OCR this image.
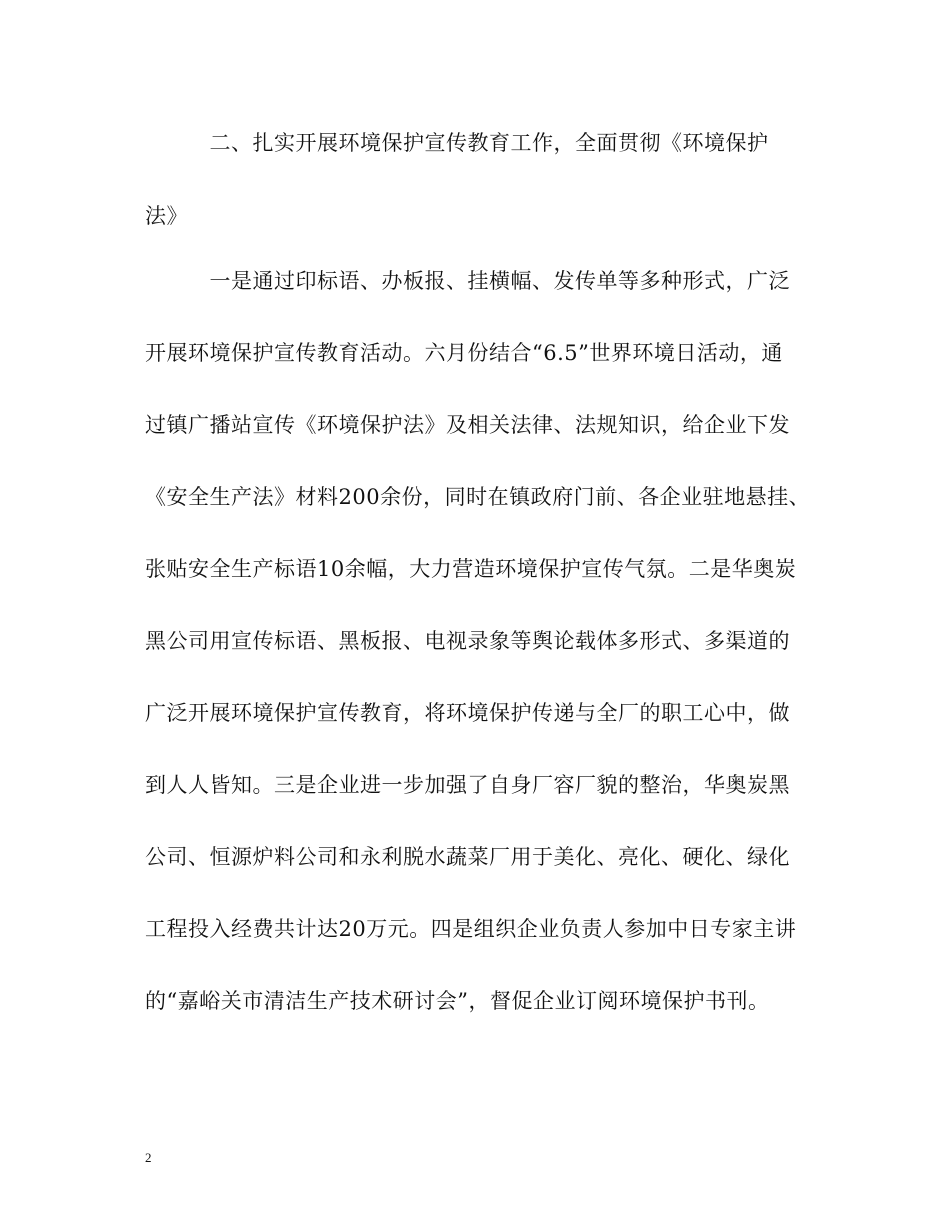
　　　二、扎实开展环境保护宣传教育工作，全面贯彻《环境保护
法》
　　　一是通过印标语、办板报、挂横幅、发传单等多种形式，广泛
开展环境保护宣传教育活动。六月份结合“6.5”世界环境日活动，通
过镇广播站宣传《环境保护法》及相关法律、法规知识，给企业下发
《安全生产法》材料200余份，同时在镇政府门前、各企业驻地悬挂、
张贴安全生产标语10余幅，大力营造环境保护宣传气氛。二是华奥炭
黑公司用宣传标语、黑板报、电视录象等舆论载体多形式、多渠道的
广泛开展环境保护宣传教育，将环境保护传递与全厂的职工心中，做
到人人皆知。三是企业进一步加强了自身厂容厂貌的整治，华奥炭黑
公司、恒源炉料公司和永利脱水蔬菜厂用于美化、亮化、硬化、绿化
工程投入经费共计达20万元。四是组织企业负责人参加中日专家主讲
的“嘉峪关市清洁生产技术研讨会”，督促企业订阅环境保护书刊。
2
